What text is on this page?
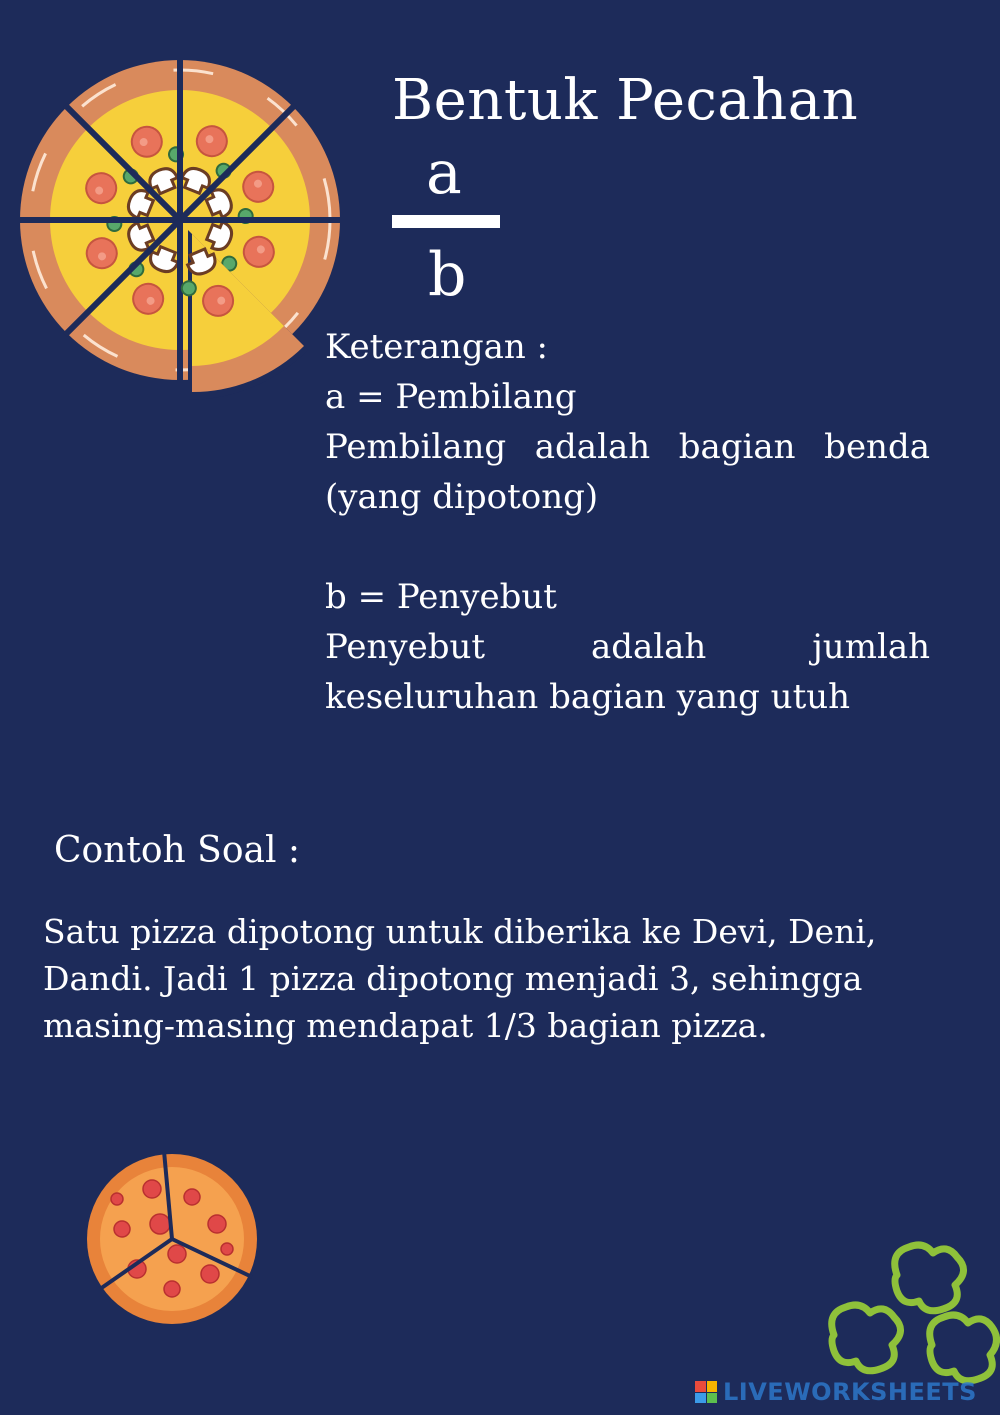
Bentuk Pecahan
a
b

Keterangan :

a = Pembilang

Pembilang adalah bagian benda

(yang dipotong)

b = Penyebut

Penyebut adalah jumlah

keseluruhan bagian yang utuh

Contoh Soal :
Satu pizza dipotong untuk diberika ke Devi, Deni,
Dandi. Jadi 1 pizza dipotong menjadi 3, sehingga
masing-masing mendapat 1/3 bagian pizza.
LIVEWORKSHEETS
